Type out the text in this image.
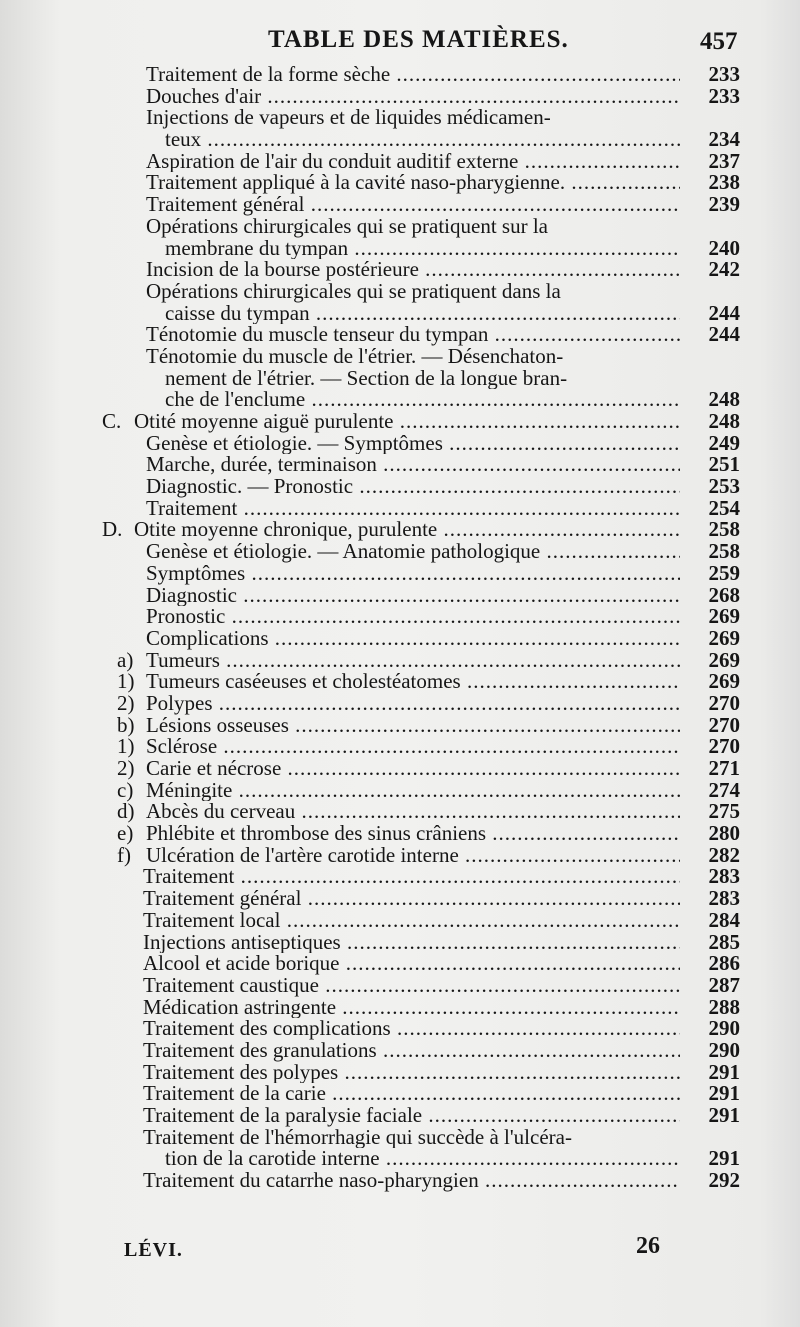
TABLE DES MATIÈRES.	457
Traitement de la forme sèche .....	233
Douches d'air .....	233
Injections de vapeurs et de liquides médicamen-
teux .....	234
Aspiration de l'air du conduit auditif externe .....	237
Traitement appliqué à la cavité naso-pharygienne. .....	238
Traitement général .....	239
Opérations chirurgicales qui se pratiquent sur la
membrane du tympan .....	240
Incision de la bourse postérieure .....	242
Opérations chirurgicales qui se pratiquent dans la
caisse du tympan .....	244
Ténotomie du muscle tenseur du tympan .....	244
Ténotomie du muscle de l'étrier. — Désenchaton-
nement de l'étrier. — Section de la longue bran-
che de l'enclume .....	248
C. Otité moyenne aiguë purulente .....	248
Genèse et étiologie. — Symptômes .....	249
Marche, durée, terminaison .....	251
Diagnostic. — Pronostic .....	253
Traitement .....	254
D. Otite moyenne chronique, purulente .....	258
Genèse et étiologie. — Anatomie pathologique .....	258
Symptômes .....	259
Diagnostic .....	268
Pronostic .....	269
Complications .....	269
a) Tumeurs .....	269
1) Tumeurs caséeuses et cholestéatomes .....	269
2) Polypes .....	270
b) Lésions osseuses .....	270
1) Sclérose .....	270
2) Carie et nécrose .....	271
c) Méningite .....	274
d) Abcès du cerveau .....	275
e) Phlébite et thrombose des sinus crâniens .....	280
f) Ulcération de l'artère carotide interne .....	282
Traitement .....	283
Traitement général .....	283
Traitement local .....	284
Injections antiseptiques .....	285
Alcool et acide borique .....	286
Traitement caustique .....	287
Médication astringente .....	288
Traitement des complications .....	290
Traitement des granulations .....	290
Traitement des polypes .....	291
Traitement de la carie .....	291
Traitement de la paralysie faciale .....	291
Traitement de l'hémorrhagie qui succède à l'ulcéra-
tion de la carotide interne .....	291
Traitement du catarrhe naso-pharyngien .....	292
LÉVI.	26
